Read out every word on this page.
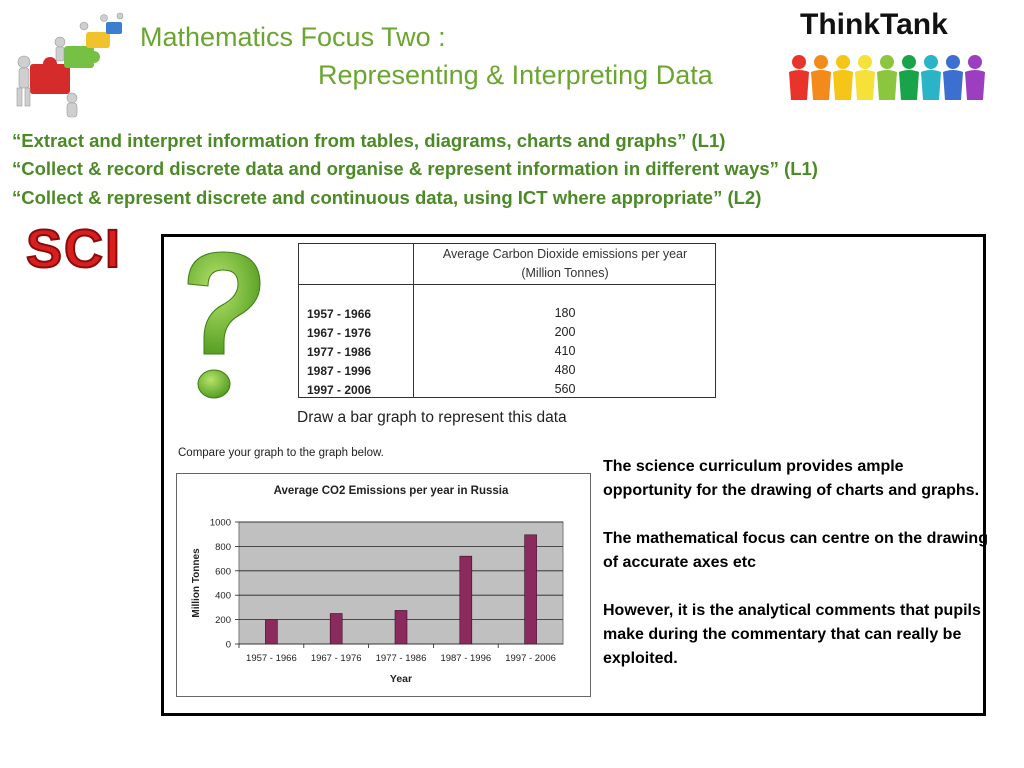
Mathematics Focus Two :
Representing & Interpreting Data
ThinkTank
“Extract and interpret information from tables, diagrams, charts and graphs” (L1)
“Collect & record discrete data and organise & represent information in different ways” (L1)
“Collect & represent discrete and continuous data, using ICT where appropriate” (L2)
SCI	Average Carbon Dioxide emissions per year
(Million Tonnes)
1957 - 1966	180
1967 - 1976	200
1977 - 1986	410
1987 - 1996	480
1997 - 2006	560
Draw a bar graph to represent this data
Compare your graph to the graph below.
Average CO2 Emissions per year in Russia
0
200
400
600
800
1000
1957 - 1966 1967 - 1976 1977 - 1986 1987 - 1996 1997 - 2006
Year
Million Tonnes

The science curriculum provides ample opportunity for the drawing of charts and graphs.

The mathematical focus can centre on the drawing of accurate axes etc

However, it is the analytical comments that pupils make during the commentary that can really be exploited.
